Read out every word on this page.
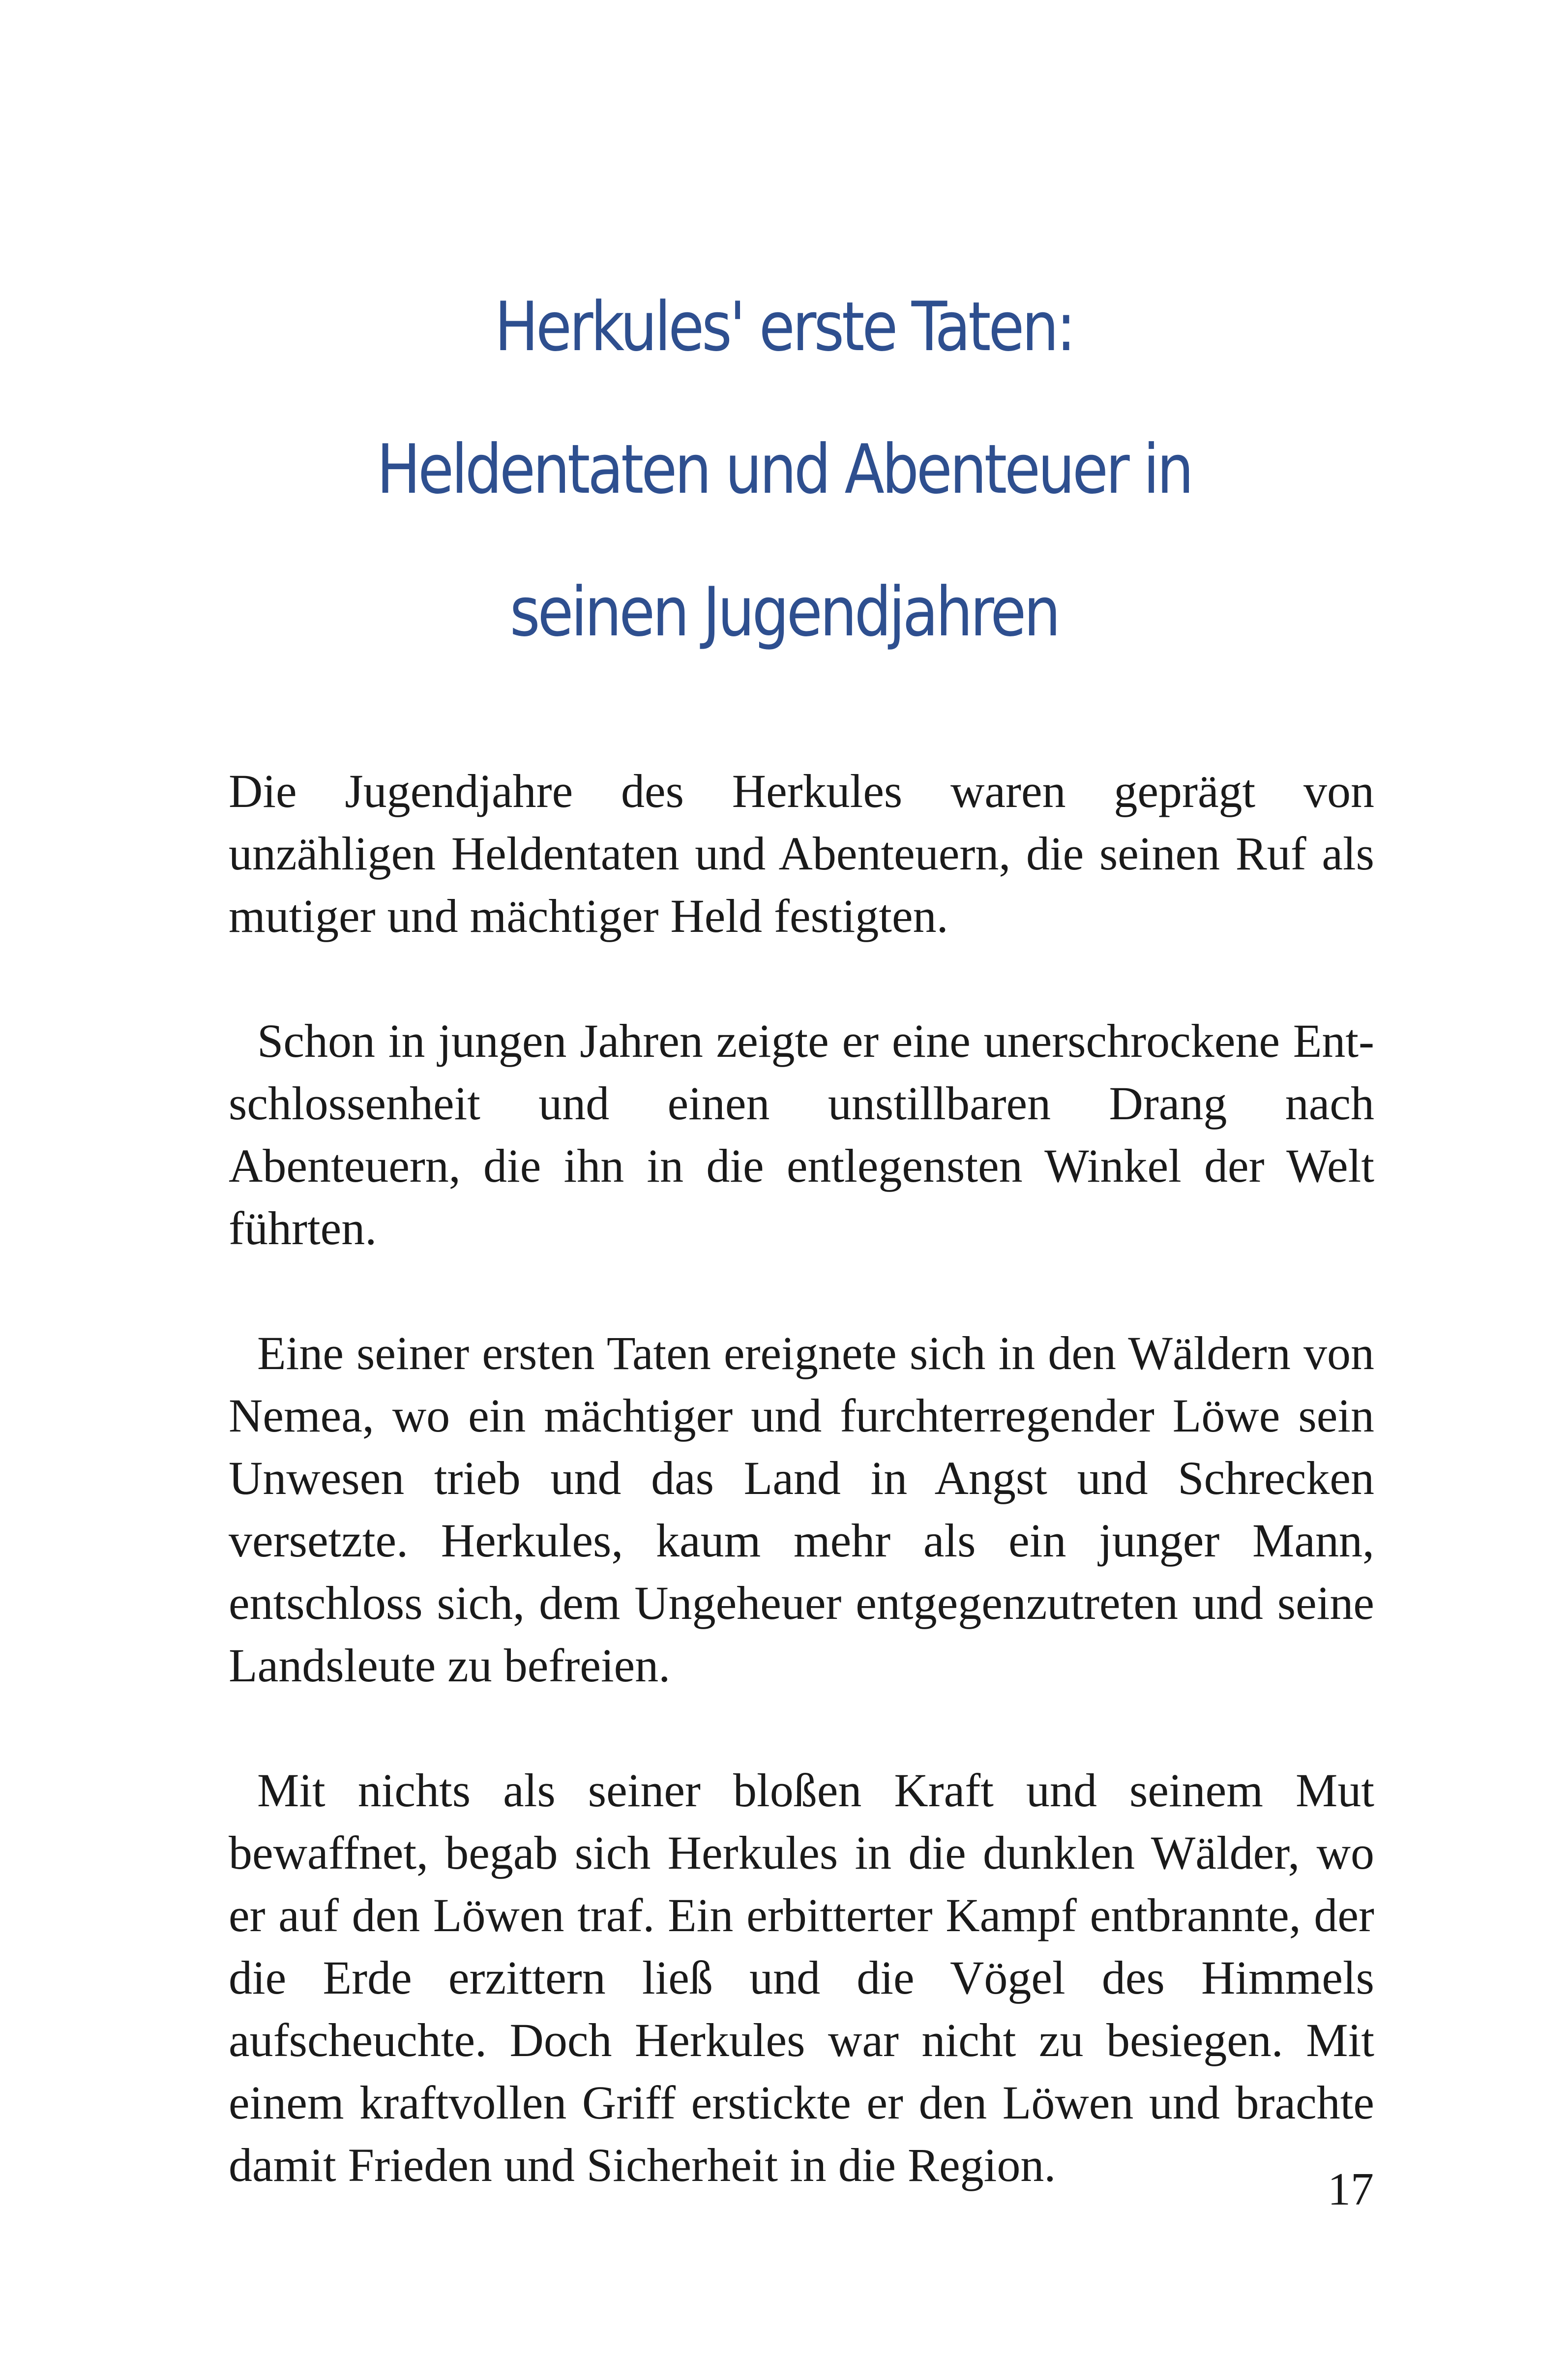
Herkules' erste Taten:
Heldentaten und Abenteuer in
seinen Jugendjahren

Die Jugendjahre des Herkules waren geprägt von unzähligen Heldentaten und Abenteuern, die seinen Ruf als mutiger und mächtiger Held festigten.

Schon in jungen Jahren zeigte er eine unerschrockene Entschlossenheit und einen unstillbaren Drang nach Abenteuern, die ihn in die entlegensten Winkel der Welt führten.

Eine seiner ersten Taten ereignete sich in den Wäldern von Nemea, wo ein mächtiger und furchterregender Löwe sein Unwesen trieb und das Land in Angst und Schrecken versetzte. Herkules, kaum mehr als ein junger Mann, entschloss sich, dem Ungeheuer entgegenzutreten und seine Landsleute zu befreien.

Mit nichts als seiner bloßen Kraft und seinem Mut bewaffnet, begab sich Herkules in die dunklen Wälder, wo er auf den Löwen traf. Ein erbitterter Kampf entbrannte, der die Erde erzittern ließ und die Vögel des Himmels aufscheuchte. Doch Herkules war nicht zu besiegen. Mit einem kraftvollen Griff erstickte er den Löwen und brachte damit Frieden und Sicherheit in die Region.	17
